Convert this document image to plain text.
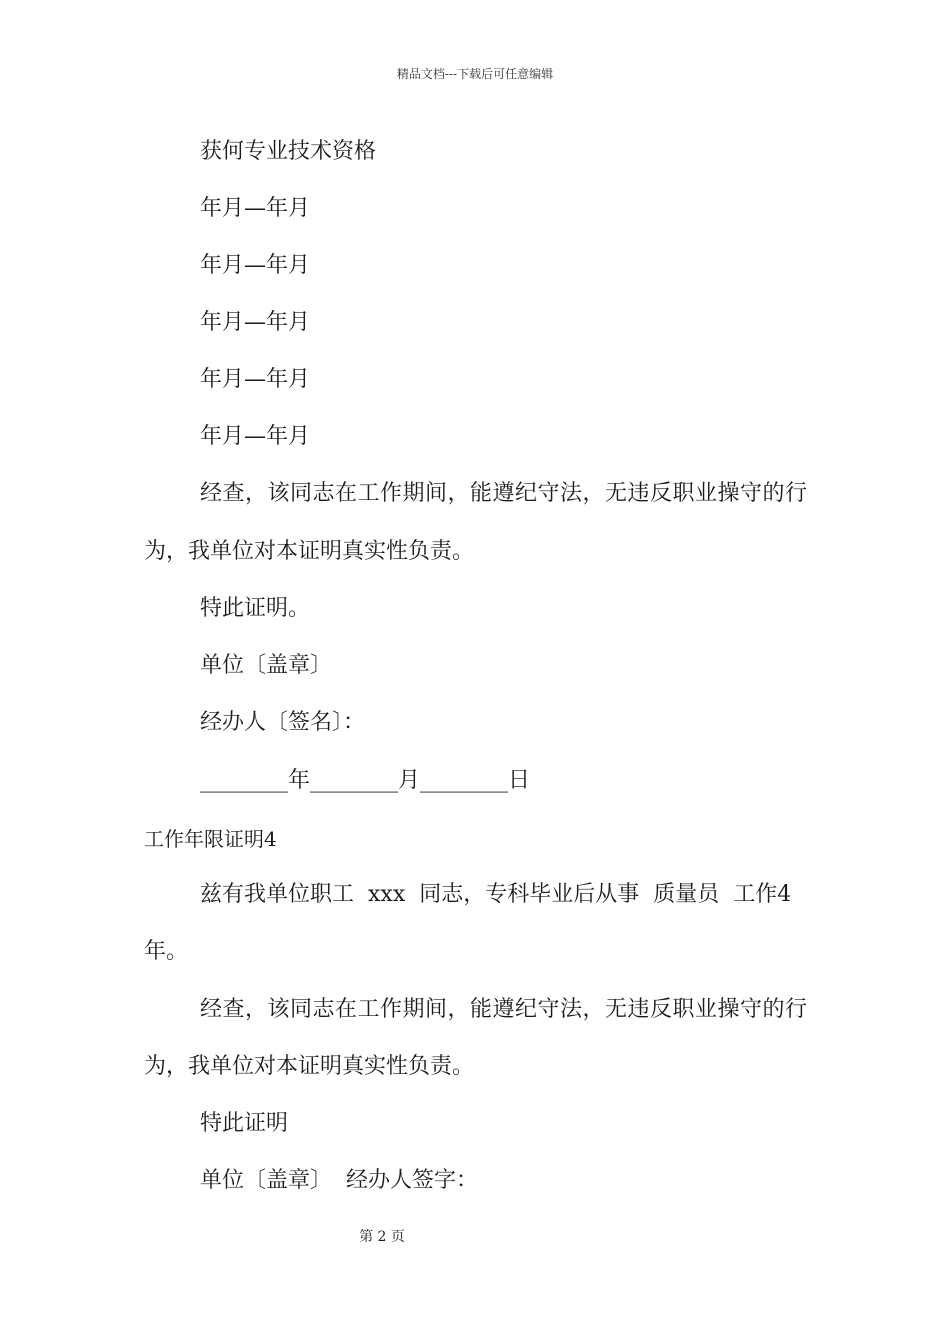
精品文档---下载后可任意编辑
获何专业技术资格
年月—年月
年月—年月
年月—年月
年月—年月
年月—年月
经查，该同志在工作期间，能遵纪守法，无违反职业操守的行
为，我单位对本证明真实性负责。
特此证明。
单位〔盖章〕
经办人〔签名〕：
________年________月________日
工作年限证明4
兹有我单位职工 xxx 同志，专科毕业后从事 质量员 工作4
年。
经查，该同志在工作期间，能遵纪守法，无违反职业操守的行
为，我单位对本证明真实性负责。
特此证明
单位〔盖章〕 经办人签字：
第 2 页
